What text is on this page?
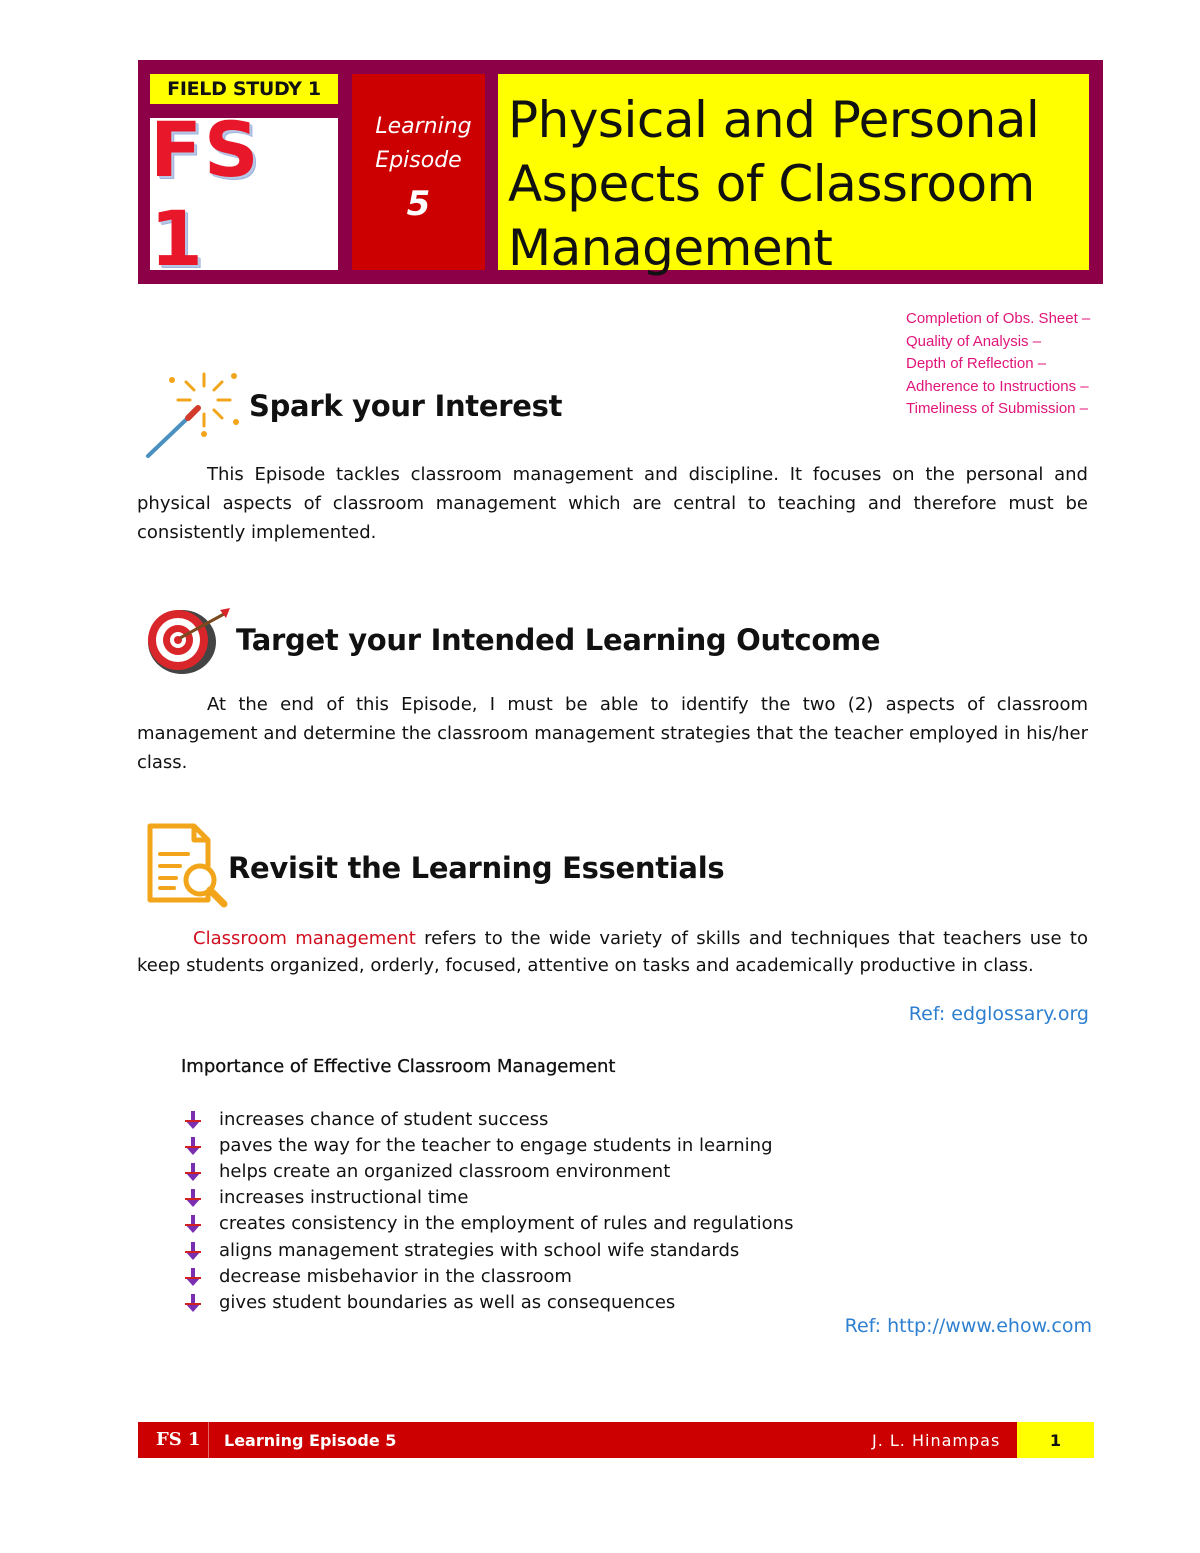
FIELD STUDY 1
FS 1
Learning
Episode
5
Physical and Personal
Aspects of Classroom
Management
Completion of Obs. Sheet –
Quality of Analysis –
Depth of Reflection –
Adherence to Instructions –
Timeliness of Submission –
Spark your Interest
This Episode tackles classroom management and discipline. It focuses on the personal and physical aspects of classroom management which are central to teaching and therefore must be consistently implemented.
Target your Intended Learning Outcome
At the end of this Episode, I must be able to identify the two (2) aspects of classroom management and determine the classroom management strategies that the teacher employed in his/her class.
Revisit the Learning Essentials
Classroom management refers to the wide variety of skills and techniques that teachers use to keep students organized, orderly, focused, attentive on tasks and academically productive in class.
Ref: edglossary.org
Importance of Effective Classroom Management
increases chance of student success
paves the way for the teacher to engage students in learning
helps create an organized classroom environment
increases instructional time
creates consistency in the employment of rules and regulations
aligns management strategies with school wife standards
decrease misbehavior in the classroom
gives student boundaries as well as consequences
Ref: http://www.ehow.com
FS 1 Learning Episode 5	J. L. Hinampas	1
